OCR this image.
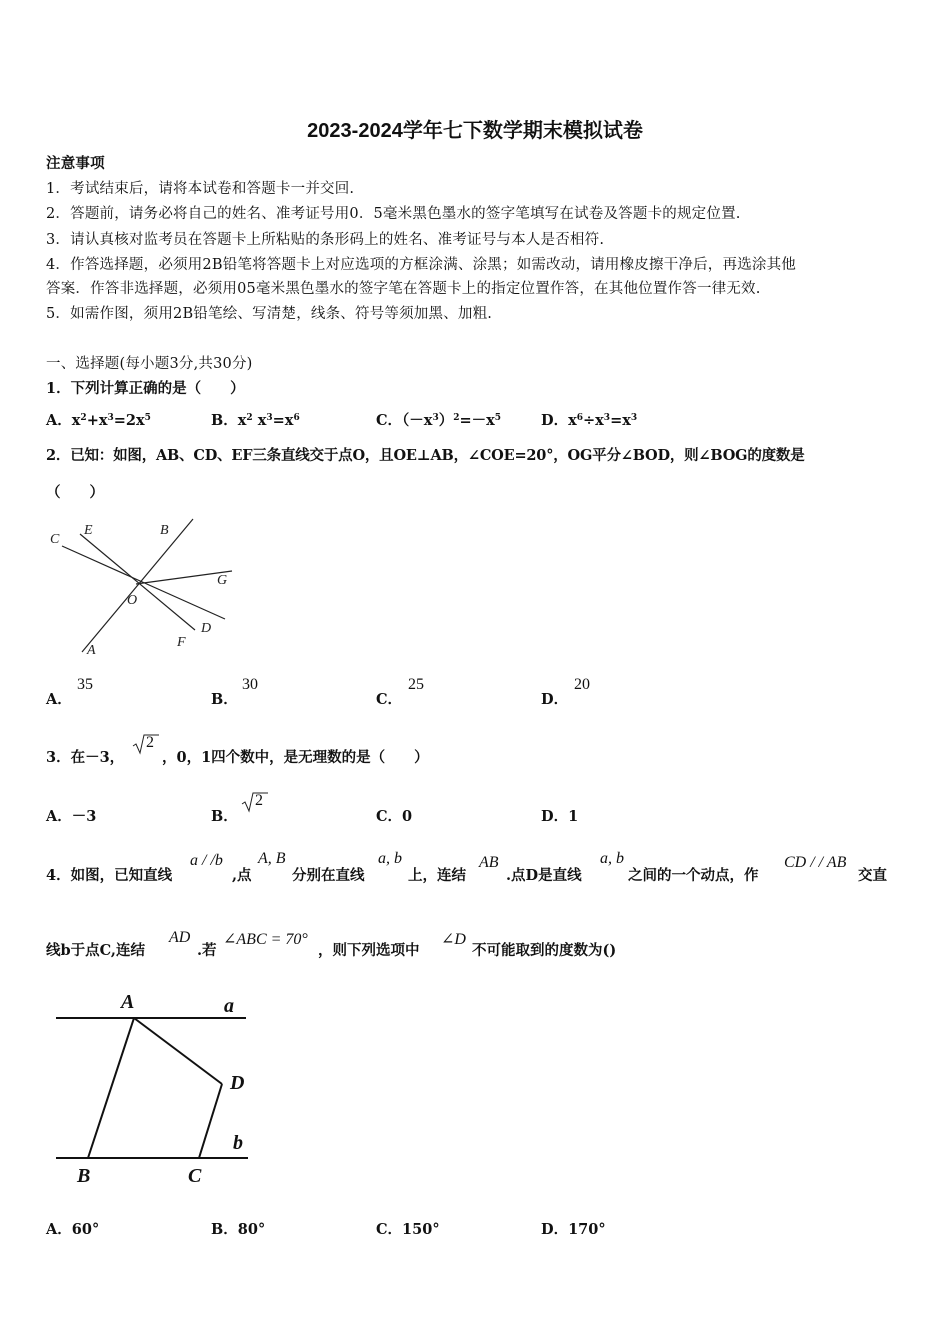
2023-2024学年七下数学期末模拟试卷
注意事项
1．考试结束后，请将本试卷和答题卡一并交回.
2．答题前，请务必将自己的姓名、准考证号用0．5毫米黑色墨水的签字笔填写在试卷及答题卡的规定位置.
3．请认真核对监考员在答题卡上所粘贴的条形码上的姓名、准考证号与本人是否相符.
4．作答选择题，必须用2B铅笔将答题卡上对应选项的方框涂满、涂黑；如需改动，请用橡皮擦干净后，再选涂其他
答案．作答非选择题，必须用05毫米黑色墨水的签字笔在答题卡上的指定位置作答，在其他位置作答一律无效.
5．如需作图，须用2B铅笔绘、写清楚，线条、符号等须加黑、加粗.
一、选择题(每小题3分,共30分)
1．下列计算正确的是（　　）
A．$x^2+x^3=2x^5$	B．$x^2$ $x^3=x^6$	C．$(-x^3)^2=-x^5$	D．$x^6\div x^3=x^3$
2．已知：如图，AB、CD、EF三条直线交于点O，且OE⊥AB，∠COE=20°，OG平分∠BOD，则∠BOG的度数是
（　　）
C
E	B
G
O
D
F
A
A．
35
B．
30
C．
25
D．
20
3．在－3，
2
，0，1四个数中，是无理数的是（　　）
A．－3	B．
2
C．0	D．1
4．如图，已知直线
a / /b
,点
A, B
分别在直线
a, b
上，连结
AB
.点D是直线
a, b
之间的一个动点，作
CD / / AB
交直
线b于点C,连结
AD
.若
∠ABC = 70°
，则下列选项中
∠D
不可能取到的度数为()
A	a
D
b
B	C
A．60°	B．80°	C．150°	D．170°
